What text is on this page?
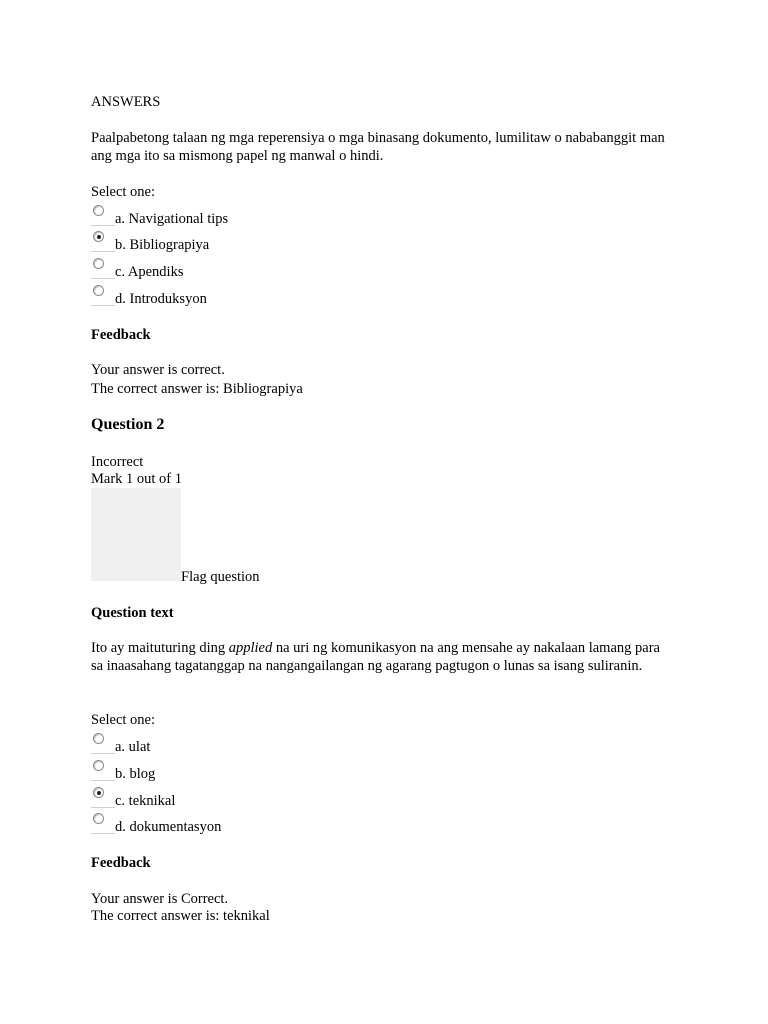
ANSWERS
Paalpabetong talaan ng mga reperensiya o mga binasang dokumento, lumilitaw o nababanggit man ang mga ito sa mismong papel ng manwal o hindi.
Select one:
a. Navigational tips
b. Bibliograpiya
c. Apendiks
d. Introduksyon
Feedback
Your answer is correct.
The correct answer is: Bibliograpiya
Question 2
Incorrect
Mark 1 out of 1
Flag question
Question text
Ito ay maituturing ding applied na uri ng komunikasyon na ang mensahe ay nakalaan lamang para sa inaasahang tagatanggap na nangangailangan ng agarang pagtugon o lunas sa isang suliranin.
Select one:
a. ulat
b. blog
c. teknikal
d. dokumentasyon
Feedback
Your answer is Correct.
The correct answer is: teknikal
